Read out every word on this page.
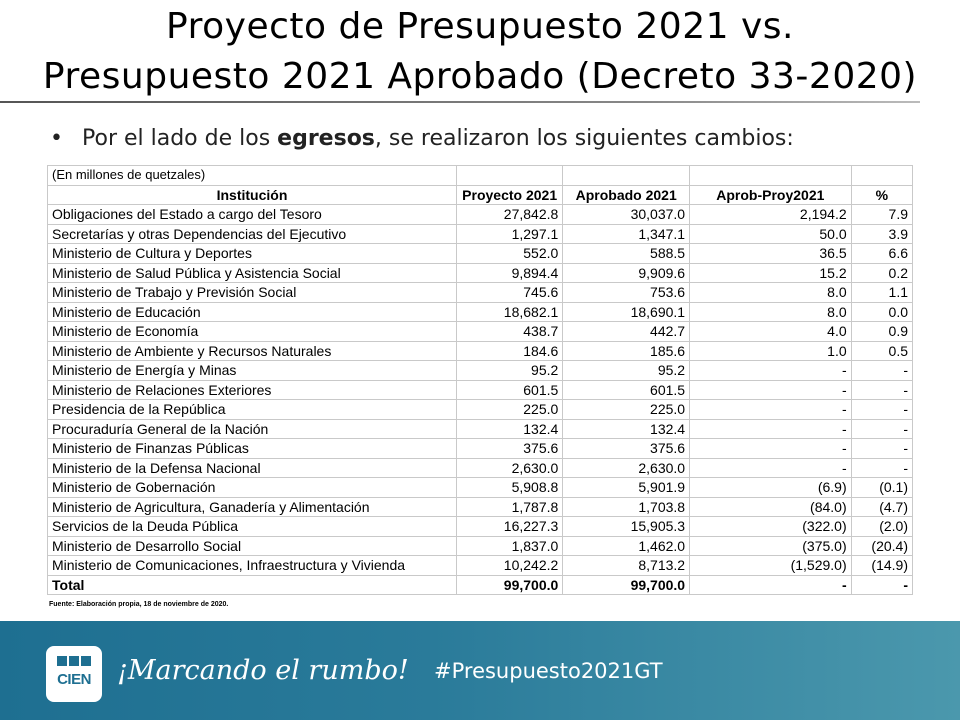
Proyecto de Presupuesto 2021 vs.
Presupuesto 2021 Aprobado (Decreto 33-2020)
• Por el lado de los egresos, se realizaron los siguientes cambios:
(En millones de quetzales)				
Institución	Proyecto 2021	Aprobado 2021	Aprob-Proy2021	%
Obligaciones del Estado a cargo del Tesoro	27,842.8	30,037.0	2,194.2	7.9
Secretarías y otras Dependencias del Ejecutivo	1,297.1	1,347.1	50.0	3.9
Ministerio de Cultura y Deportes	552.0	588.5	36.5	6.6
Ministerio de Salud Pública y Asistencia Social	9,894.4	9,909.6	15.2	0.2
Ministerio de Trabajo y Previsión Social	745.6	753.6	8.0	1.1
Ministerio de Educación	18,682.1	18,690.1	8.0	0.0
Ministerio de Economía	438.7	442.7	4.0	0.9
Ministerio de Ambiente y Recursos Naturales	184.6	185.6	1.0	0.5
Ministerio de Energía y Minas	95.2	95.2	-	-
Ministerio de Relaciones Exteriores	601.5	601.5	-	-
Presidencia de la República	225.0	225.0	-	-
Procuraduría General de la Nación	132.4	132.4	-	-
Ministerio de Finanzas Públicas	375.6	375.6	-	-
Ministerio de la Defensa Nacional	2,630.0	2,630.0	-	-
Ministerio de Gobernación	5,908.8	5,901.9	(6.9)	(0.1)
Ministerio de Agricultura, Ganadería y Alimentación	1,787.8	1,703.8	(84.0)	(4.7)
Servicios de la Deuda Pública	16,227.3	15,905.3	(322.0)	(2.0)
Ministerio de Desarrollo Social	1,837.0	1,462.0	(375.0)	(20.4)
Ministerio de Comunicaciones, Infraestructura y Vivienda	10,242.2	8,713.2	(1,529.0)	(14.9)
Total	99,700.0	99,700.0	-	-
Fuente: Elaboración propia, 18 de noviembre de 2020.
CIEN ¡Marcando el rumbo! #Presupuesto2021GT
